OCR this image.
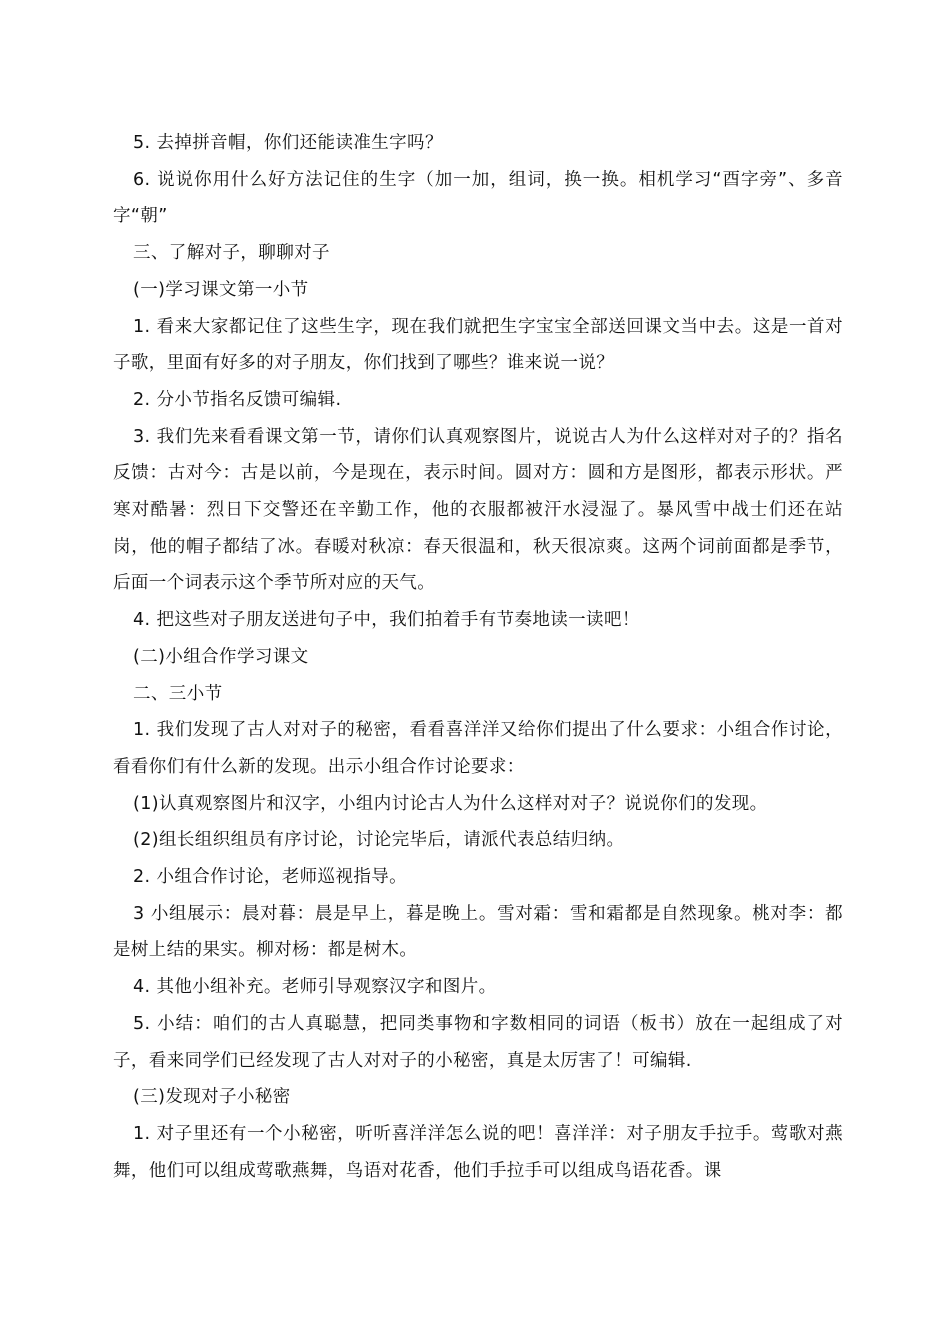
5. 去掉拼音帽，你们还能读准生字吗？

6. 说说你用什么好方法记住的生字（加一加，组词，换一换。相机学习“酉字旁”、多音字“朝”

三、了解对子，聊聊对子

(一)学习课文第一小节

1. 看来大家都记住了这些生字，现在我们就把生字宝宝全部送回课文当中去。这是一首对子歌，里面有好多的对子朋友，你们找到了哪些？谁来说一说？

2. 分小节指名反馈可编辑.

3. 我们先来看看课文第一节，请你们认真观察图片，说说古人为什么这样对对子的？指名反馈：古对今：古是以前，今是现在，表示时间。圆对方：圆和方是图形，都表示形状。严寒对酷暑：烈日下交警还在辛勤工作，他的衣服都被汗水浸湿了。暴风雪中战士们还在站岗，他的帽子都结了冰。春暖对秋凉：春天很温和，秋天很凉爽。这两个词前面都是季节，后面一个词表示这个季节所对应的天气。

4. 把这些对子朋友送进句子中，我们拍着手有节奏地读一读吧！

(二)小组合作学习课文

二、三小节

1. 我们发现了古人对对子的秘密，看看喜洋洋又给你们提出了什么要求：小组合作讨论，看看你们有什么新的发现。出示小组合作讨论要求：

(1)认真观察图片和汉字，小组内讨论古人为什么这样对对子？说说你们的发现。

(2)组长组织组员有序讨论，讨论完毕后，请派代表总结归纳。

2. 小组合作讨论，老师巡视指导。

3 小组展示：晨对暮：晨是早上，暮是晚上。雪对霜：雪和霜都是自然现象。桃对李：都是树上结的果实。柳对杨：都是树木。

4. 其他小组补充。老师引导观察汉字和图片。

5. 小结：咱们的古人真聪慧，把同类事物和字数相同的词语（板书）放在一起组成了对子，看来同学们已经发现了古人对对子的小秘密，真是太厉害了！可编辑.

(三)发现对子小秘密

1. 对子里还有一个小秘密，听听喜洋洋怎么说的吧！喜洋洋：对子朋友手拉手。莺歌对燕舞，他们可以组成莺歌燕舞，鸟语对花香，他们手拉手可以组成鸟语花香。课
